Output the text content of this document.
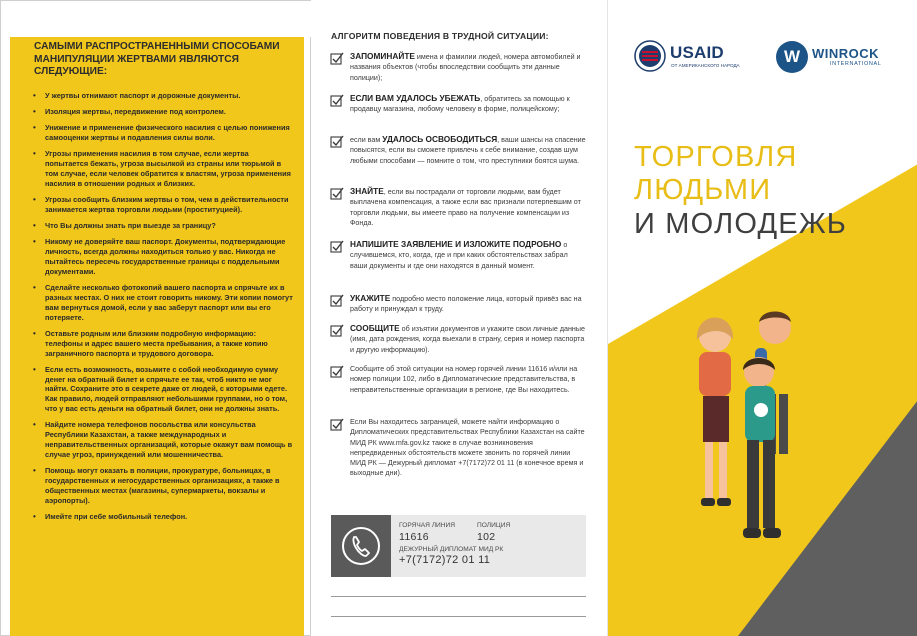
САМЫМИ РАСПРОСТРАНЕННЫМИ СПОСОБАМИ МАНИПУЛЯЦИИ ЖЕРТВАМИ ЯВЛЯЮТСЯ СЛЕДУЮЩИЕ:
• У жертвы отнимают паспорт и дорожные документы.
• Изоляция жертвы, передвижение под контролем.
• Унижение и применение физического насилия с целью понижения самооценки жертвы и подавления силы воли.
• Угрозы применения насилия в том случае, если жертва попытается бежать, угроза высылкой из страны или тюрьмой в том случае, если человек обратится к властям, угроза применения насилия в отношении родных и близких.
• Угрозы сообщить близким жертвы о том, чем в действительности занимается жертва торговли людьми (проституцией).
• Что Вы должны знать при выезде за границу?
• Никому не доверяйте ваш паспорт. Документы, подтверждающие личность, всегда должны находиться только у вас. Никогда не пытайтесь пересечь государственные границы с поддельными документами.
• Сделайте несколько фотокопий вашего паспорта и спрячьте их в разных местах. О них не стоит говорить никому. Эти копии помогут вам вернуться домой, если у вас заберут паспорт или вы его потеряете.
• Оставьте родным или близким подробную информацию: телефоны и адрес вашего места пребывания, а также копию заграничного паспорта и трудового договора.
• Если есть возможность, возьмите с собой необходимую сумму денег на обратный билет и спрячьте ее так, чтоб никто не мог найти. Сохраните это в секрете даже от людей, с которыми едете. Как правило, людей отправляют небольшими группами, но о том, что у вас есть деньги на обратный билет, они не должны знать.
• Найдите номера телефонов посольства или консульства Республики Казахстан, а также международных и неправительственных организаций, которые окажут вам помощь в случае угроз, принуждений или мошенничества.
• Помощь могут оказать в полиции, прокуратуре, больницах, в государственных и негосударственных организациях, а также в общественных местах (магазины, супермаркеты, вокзалы и аэропорты).
• Имейте при себе мобильный телефон.
АЛГОРИТМ ПОВЕДЕНИЯ В ТРУДНОЙ СИТУАЦИИ:
ЗАПОМИНАЙТЕ имена и фамилии людей, номера автомобилей и названия объектов (чтобы впоследствии сообщить эти данные полиции);
ЕСЛИ ВАМ УДАЛОСЬ УБЕЖАТЬ, обратитесь за помощью к продавцу магазина, любому человеку в форме, полицейскому;
если вам УДАЛОСЬ ОСВОБОДИТЬСЯ, ваши шансы на спасение повысятся, если вы сможете привлечь к себе внимание, создав шум любыми способами — помните о том, что преступники боятся шума.
ЗНАЙТЕ, если вы пострадали от торговли людьми, вам будет выплачена компенсация, а также если вас признали потерпевшим от торговли людьми, вы имеете право на получение компенсации из Фонда.
НАПИШИТЕ ЗАЯВЛЕНИЕ И ИЗЛОЖИТЕ ПОДРОБНО о случившемся, кто, когда, где и при каких обстоятельствах забрал ваши документы и где они находятся в данный момент.
УКАЖИТЕ подробно место положение лица, который привёз вас на работу и принуждал к труду.
СООБЩИТЕ об изъятии документов и укажите свои личные данные (имя, дата рождения, когда выехали в страну, серия и номер паспорта и другую информацию).
Сообщите об этой ситуации на номер горячей линии 11616 и/или на номер полиции 102, либо в Дипломатические представительства, в неправительственные организации в регионе, где Вы находитесь.
Если Вы находитесь заграницей, можете найти информацию о Дипломатических представительствах Республики Казахстан на сайте МИД РК www.mfa.gov.kz также в случае возникновения непредвиденных обстоятельств можете звонить по горячей линии МИД РК — Дежурный дипломат +7(7172)72 01 11 (в конечное время и выходные дни).
ГОРЯЧАЯ ЛИНИЯ	ПОЛИЦИЯ
11616	102
ДЕЖУРНЫЙ ДИПЛОМАТ МИД РК
+7(7172)72 01 11
USAID
ОТ АМЕРИКАНСКОГО НАРОДА	W WINROCK
INTERNATIONAL
ТОРГОВЛЯ
ЛЮДЬМИ
И МОЛОДЕЖЬ
